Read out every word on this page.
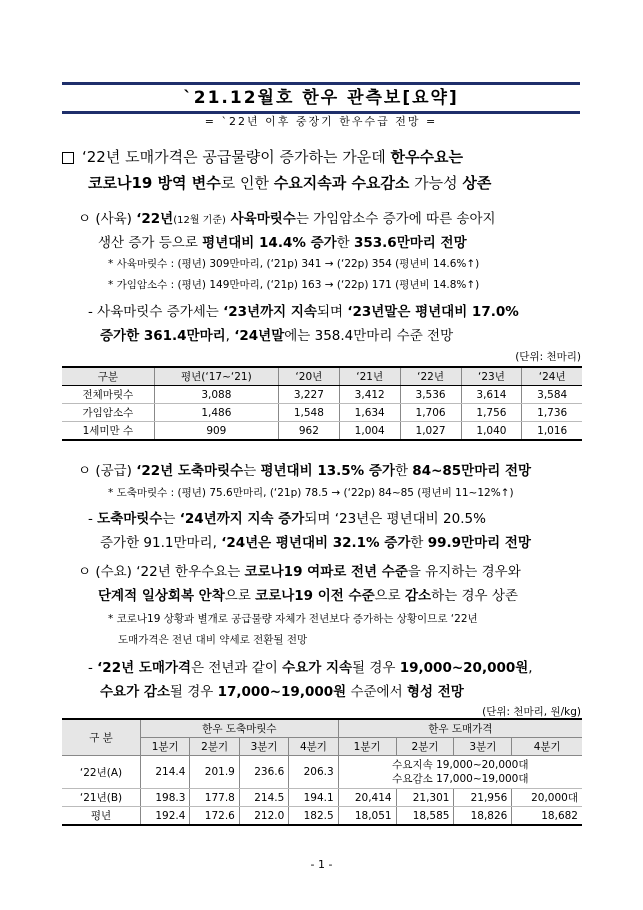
`21.12월호 한우 관측보[요약]
= `22년 이후 중장기 한우수급 전망 =
‘22년 도매가격은 공급물량이 증가하는 가운데 한우수요는
코로나19 방역 변수로 인한 수요지속과 수요감소 가능성 상존
ㅇ (사육) ‘22년(12월 기준) 사육마릿수는 가임암소수 증가에 따른 송아지
생산 증가 등으로 평년대비 14.4% 증가한 353.6만마리 전망
* 사육마릿수 : (평년) 309만마리, (‘21p) 341 → (‘22p) 354 (평년비 14.6%↑)
* 가임암소수 : (평년) 149만마리, (‘21p) 163 → (‘22p) 171 (평년비 14.8%↑)
- 사육마릿수 증가세는 ‘23년까지 지속되며 ‘23년말은 평년대비 17.0%
증가한 361.4만마리, ‘24년말에는 358.4만마리 수준 전망
(단위: 천마리)
구분	평년(‘17~‘21)	‘20년	‘21년	‘22년	‘23년	‘24년
전체마릿수	3,088	3,227	3,412	3,536	3,614	3,584
가임암소수	1,486	1,548	1,634	1,706	1,756	1,736
1세미만 수	909	962	1,004	1,027	1,040	1,016
ㅇ (공급) ‘22년 도축마릿수는 평년대비 13.5% 증가한 84~85만마리 전망
* 도축마릿수 : (평년) 75.6만마리, (‘21p) 78.5 → (‘22p) 84~85 (평년비 11~12%↑)
- 도축마릿수는 ‘24년까지 지속 증가되며 ‘23년은 평년대비 20.5%
증가한 91.1만마리, ‘24년은 평년대비 32.1% 증가한 99.9만마리 전망
ㅇ (수요) ‘22년 한우수요는 코로나19 여파로 전년 수준을 유지하는 경우와
단계적 일상회복 안착으로 코로나19 이전 수준으로 감소하는 경우 상존
* 코로나19 상황과 별개로 공급물량 자체가 전년보다 증가하는 상황이므로 ‘22년
도매가격은 전년 대비 약세로 전환될 전망
- ‘22년 도매가격은 전년과 같이 수요가 지속될 경우 19,000~20,000원,
수요가 감소될 경우 17,000~19,000원 수준에서 형성 전망
(단위: 천마리, 원/kg)
구 분	한우 도축마릿수				한우 도매가격			
	1분기	2분기	3분기	4분기	1분기	2분기	3분기	4분기
‘22년(A)	214.4	201.9	236.6	206.3	수요지속 19,000~20,000대
수요감소 17,000~19,000대			

‘21년(B)	198.3	177.8	214.5	194.1	20,414	21,301	21,956	20,000대
평년	192.4	172.6	212.0	182.5	18,051	18,585	18,826	18,682
- 1 -
